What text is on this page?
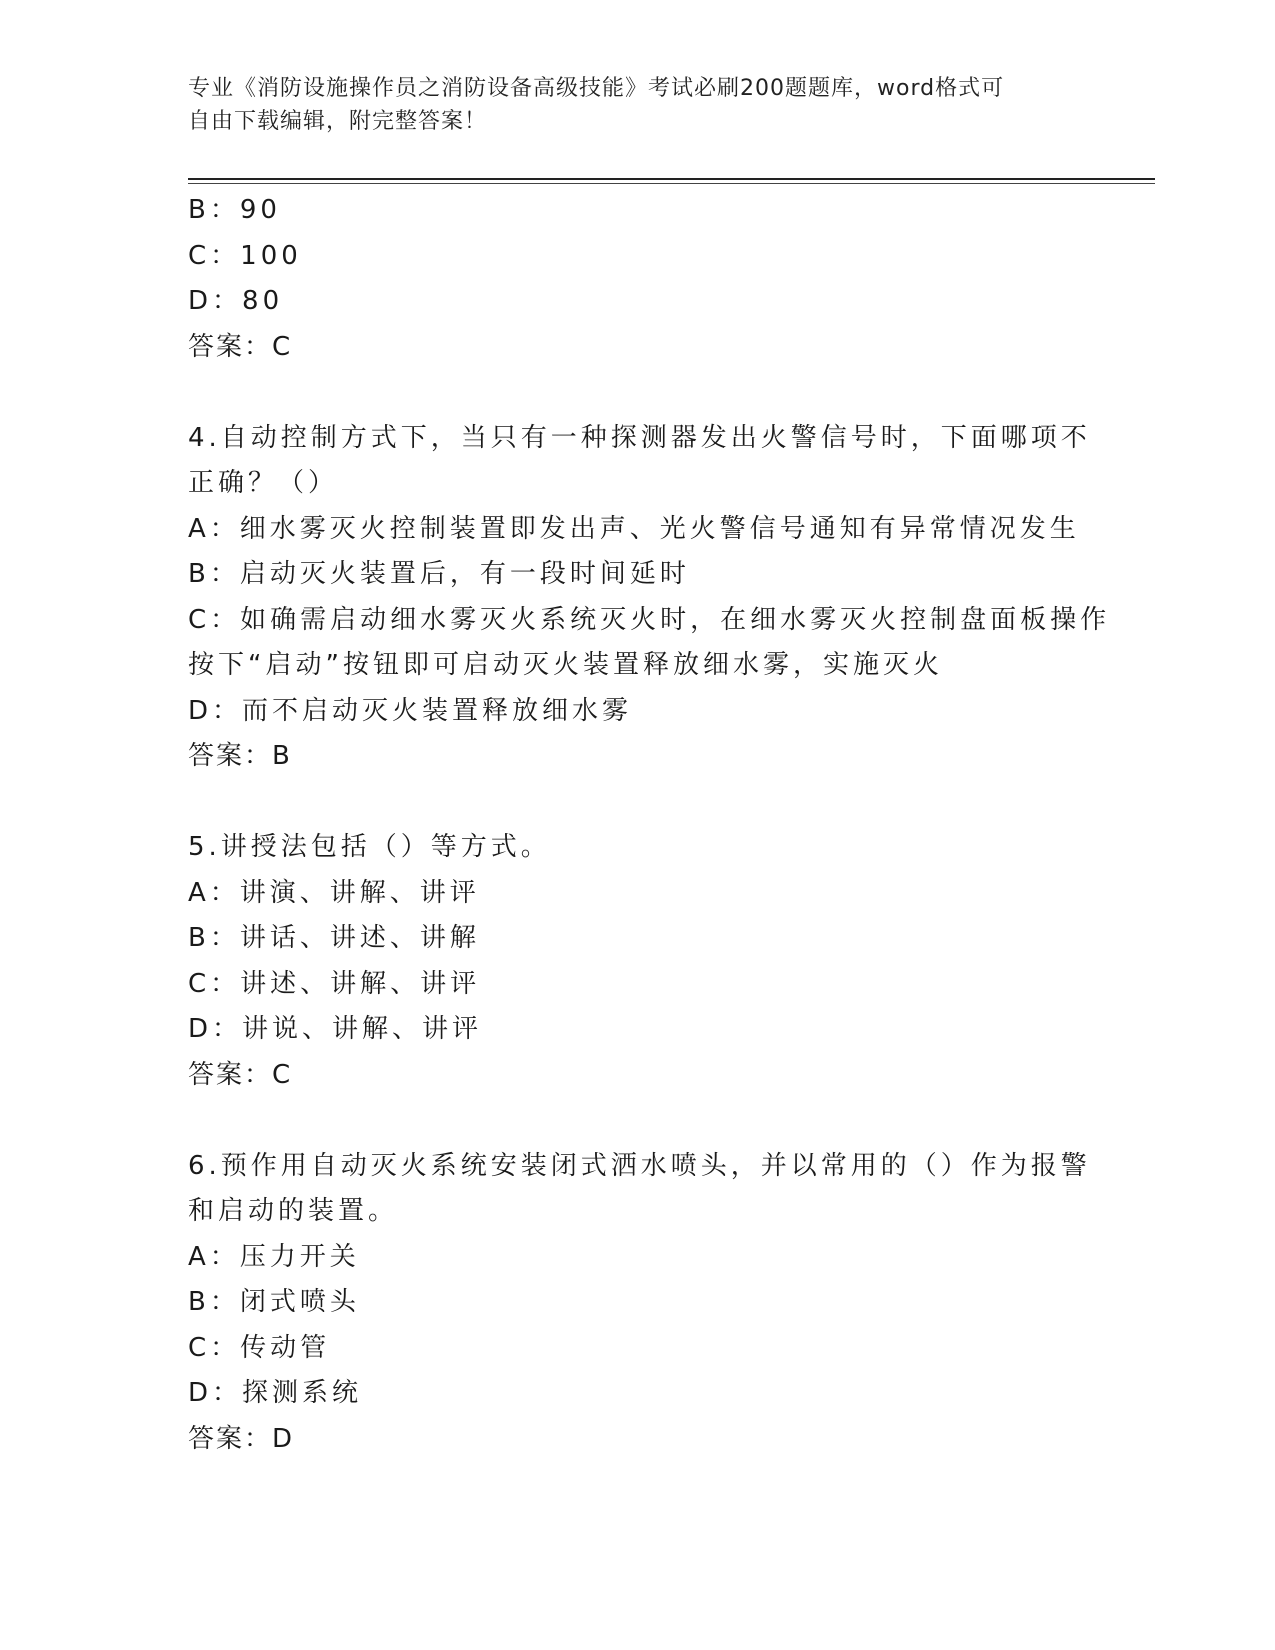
专业《消防设施操作员之消防设备高级技能》考试必刷200题题库，word格式可
自由下载编辑，附完整答案！
B：90
C：100
D：80
答案：C
4.自动控制方式下，当只有一种探测器发出火警信号时，下面哪项不
正确？（）
A：细水雾灭火控制装置即发出声、光火警信号通知有异常情况发生
B：启动灭火装置后，有一段时间延时
C：如确需启动细水雾灭火系统灭火时，在细水雾灭火控制盘面板操作
按下“启动”按钮即可启动灭火装置释放细水雾，实施灭火
D：而不启动灭火装置释放细水雾
答案：B
5.讲授法包括（）等方式。
A：讲演、讲解、讲评
B：讲话、讲述、讲解
C：讲述、讲解、讲评
D：讲说、讲解、讲评
答案：C
6.预作用自动灭火系统安装闭式洒水喷头，并以常用的（）作为报警
和启动的装置。
A：压力开关
B：闭式喷头
C：传动管
D：探测系统
答案：D
